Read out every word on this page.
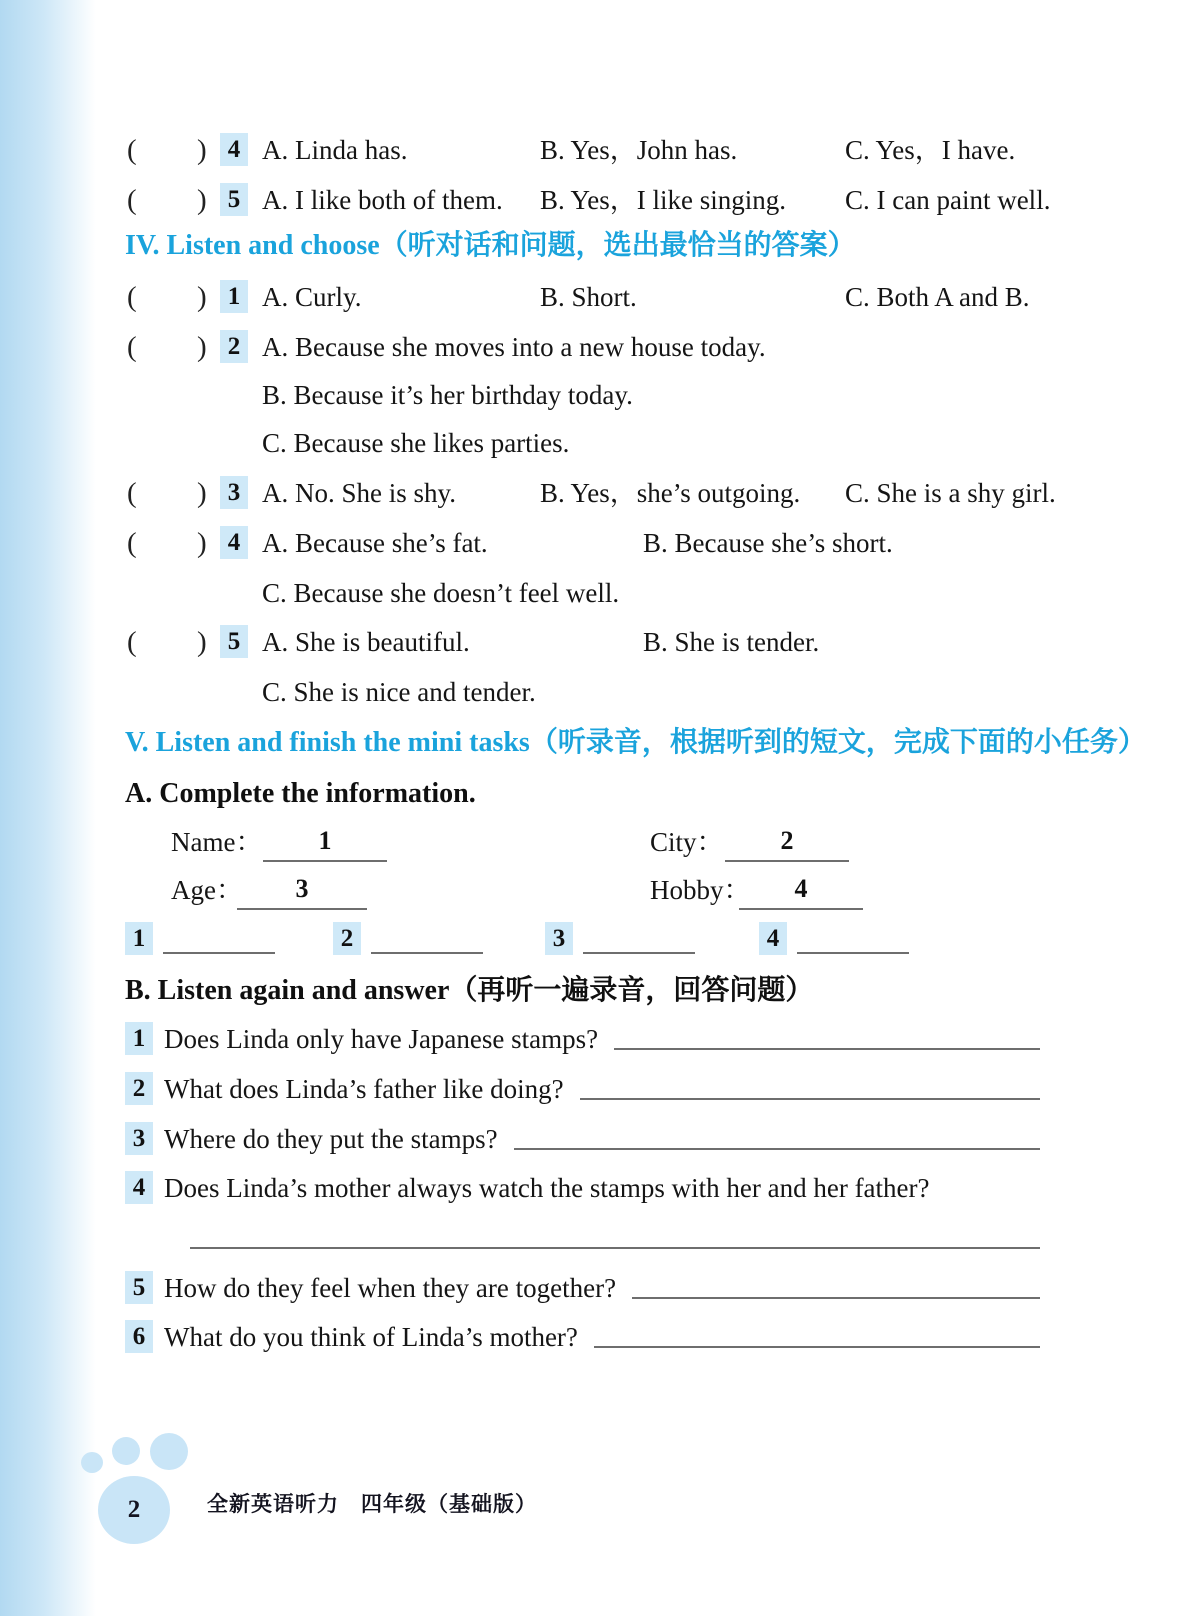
( ) 4 A. Linda has.	B. Yes，John has.	C. Yes，I have.
( ) 5 A. I like both of them. B. Yes，I like singing. C. I can paint well.
IV. Listen and choose（听对话和问题，选出最恰当的答案）
( ) 1 A. Curly.	B. Short.	C. Both A and B.
( ) 2 A. Because she moves into a new house today.
B. Because it’s her birthday today.
C. Because she likes parties.
( ) 3 A. No. She is shy.	B. Yes，she’s outgoing. C. She is a shy girl.
( ) 4 A. Because she’s fat.	B. Because she’s short.
C. Because she doesn’t feel well.
( ) 5 A. She is beautiful.	B. She is tender.
C. She is nice and tender.
V. Listen and finish the mini tasks（听录音，根据听到的短文，完成下面的小任务）
A. Complete the information.
Name：	1	City：	2
Age：	3	Hobby：	4
1	2	3	4
B. Listen again and answer（再听一遍录音，回答问题）
1 Does Linda only have Japanese stamps?
2 What does Linda’s father like doing?
3 Where do they put the stamps?
4 Does Linda’s mother always watch the stamps with her and her father?
5 How do they feel when they are together?
6 What do you think of Linda’s mother?
2	全新英语听力　四年级（基础版）
